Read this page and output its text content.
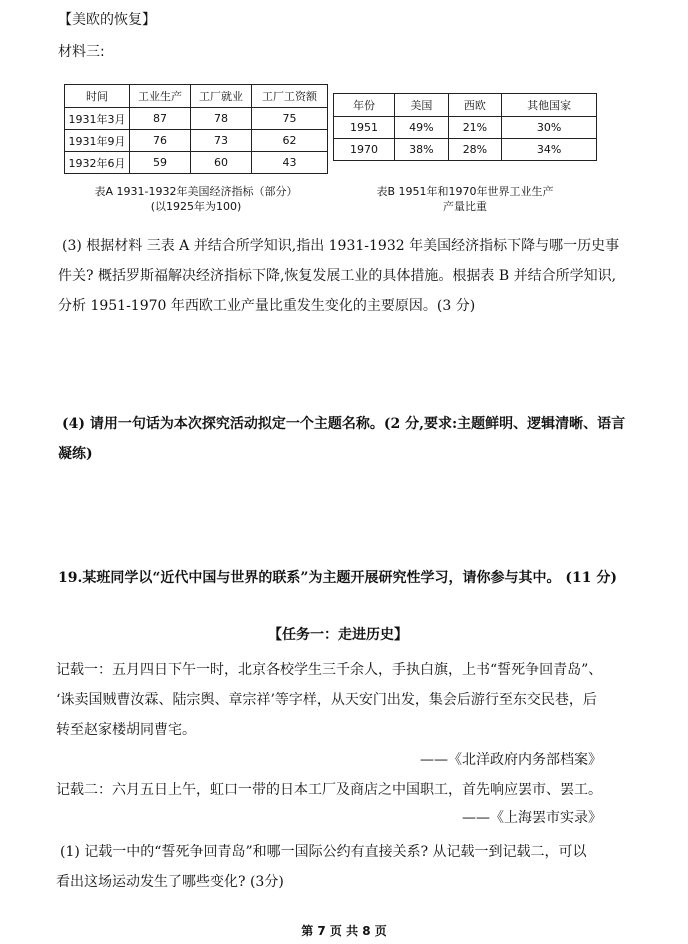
【美欧的恢复】
材料三:
时间	工业生产	工厂就业	工厂工资额
1931年3月	87	78	75
1931年9月	76	73	62
1932年6月	59	60	43
年份	美国	西欧	其他国家
1951	49%	21%	30%
1970	38%	28%	34%
表A 1931-1932年美国经济指标（部分）
(以1925年为100)
表B 1951年和1970年世界工业生产
产量比重
(3) 根据材料 三表 A 并结合所学知识,指出 1931-1932 年美国经济指标下降与哪一历史事
件关? 概括罗斯福解决经济指标下降,恢复发展工业的具体措施。根据表 B 并结合所学知识,
分析 1951-1970 年西欧工业产量比重发生变化的主要原因。(3 分)
(4) 请用一句话为本次探究活动拟定一个主题名称。(2 分,要求:主题鲜明、逻辑清晰、语言
凝练)
19.某班同学以“近代中国与世界的联系”为主题开展研究性学习，请你参与其中。 (11 分)
【任务一：走进历史】
记载一：五月四日下午一时，北京各校学生三千余人，手执白旗，上书“誓死争回青岛”、
‘诛卖国贼曹汝霖、陆宗舆、章宗祥’等字样，从天安门出发，集会后游行至东交民巷，后
转至赵家楼胡同曹宅。
——《北洋政府内务部档案》
记载二：六月五日上午，虹口一带的日本工厂及商店之中国职工，首先响应罢市、罢工。
——《上海罢市实录》
(1) 记载一中的“誓死争回青岛”和哪一国际公约有直接关系? 从记载一到记载二，可以
看出这场运动发生了哪些变化? (3分)
第 7 页 共 8 页
